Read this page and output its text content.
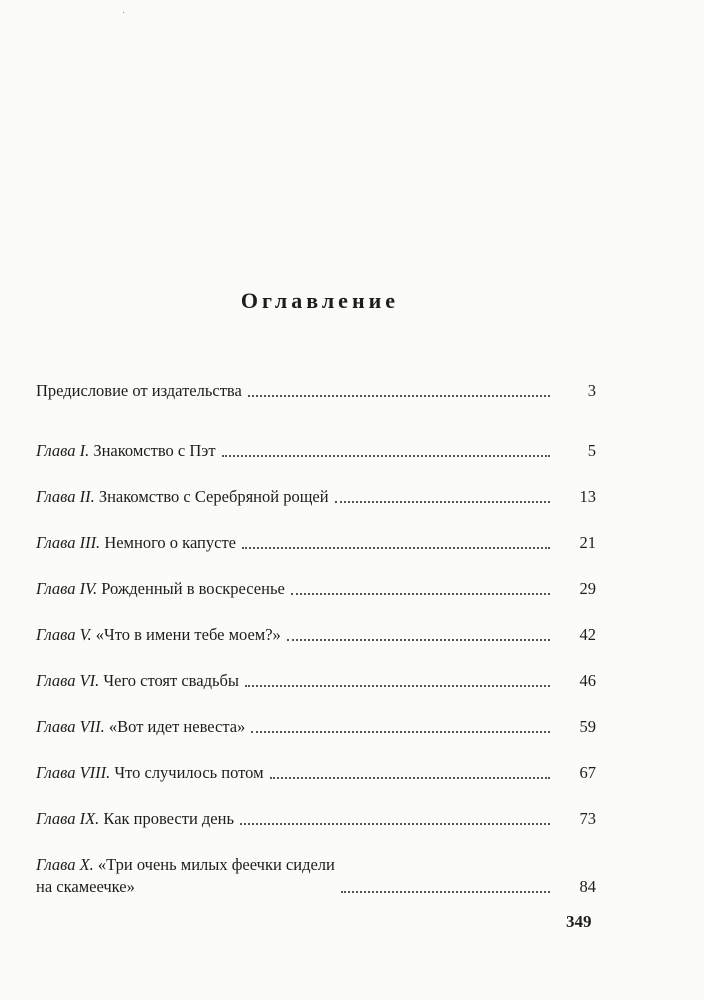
·
Оглавление
Предисловие от издательства	3
Глава I. Знакомство с Пэт	5
Глава II. Знакомство с Серебряной рощей	13
Глава III. Немного о капусте	21
Глава IV. Рожденный в воскресенье	29
Глава V. «Что в имени тебе моем?»	42
Глава VI. Чего стоят свадьбы	46
Глава VII. «Вот идет невеста»	59
Глава VIII. Что случилось потом	67
Глава IX. Как провести день	73
Глава X. «Три очень милых феечки сидели
на скамеечке»	84
349
